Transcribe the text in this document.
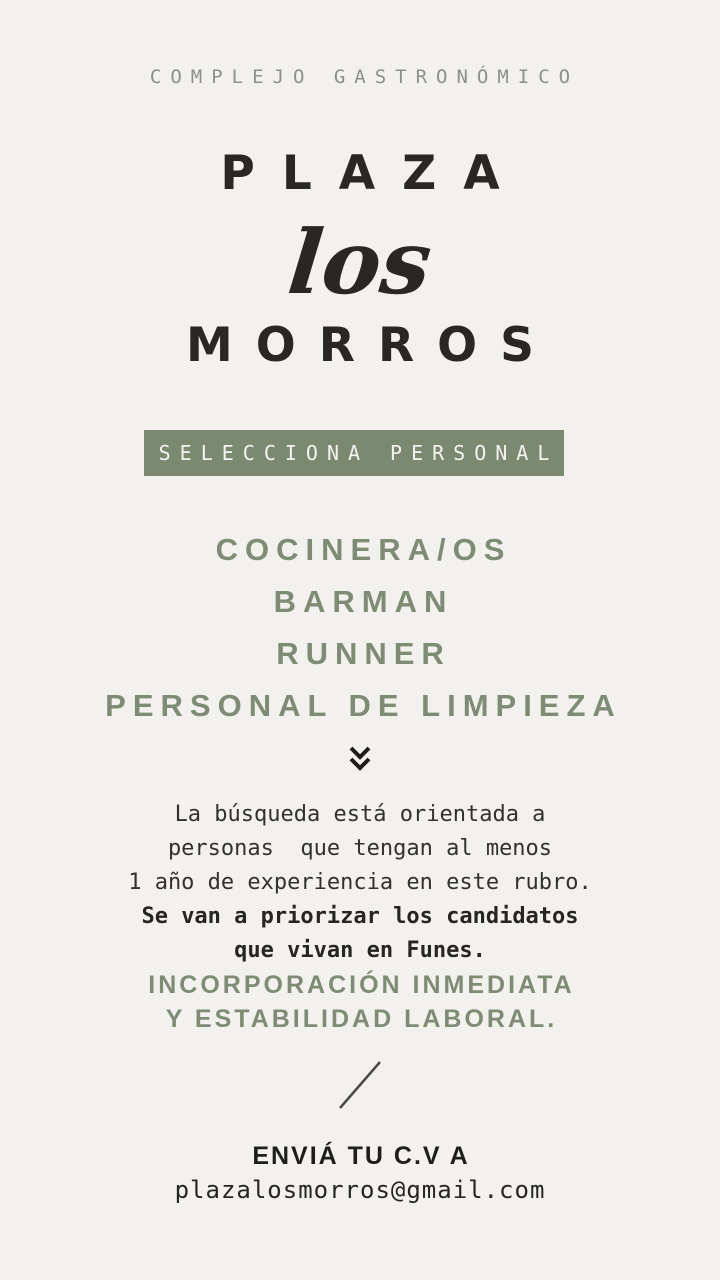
COMPLEJO GASTRONÓMICO
PLAZA
los
MORROS
SELECCIONA PERSONAL
COCINERA/OS
BARMAN
RUNNER
PERSONAL DE LIMPIEZA
La búsqueda está orientada a
personas  que tengan al menos
1 año de experiencia en este rubro.
Se van a priorizar los candidatos
que vivan en Funes.
INCORPORACIÓN INMEDIATA
Y ESTABILIDAD LABORAL.
ENVIÁ TU C.V A
plazalosmorros@gmail.com
